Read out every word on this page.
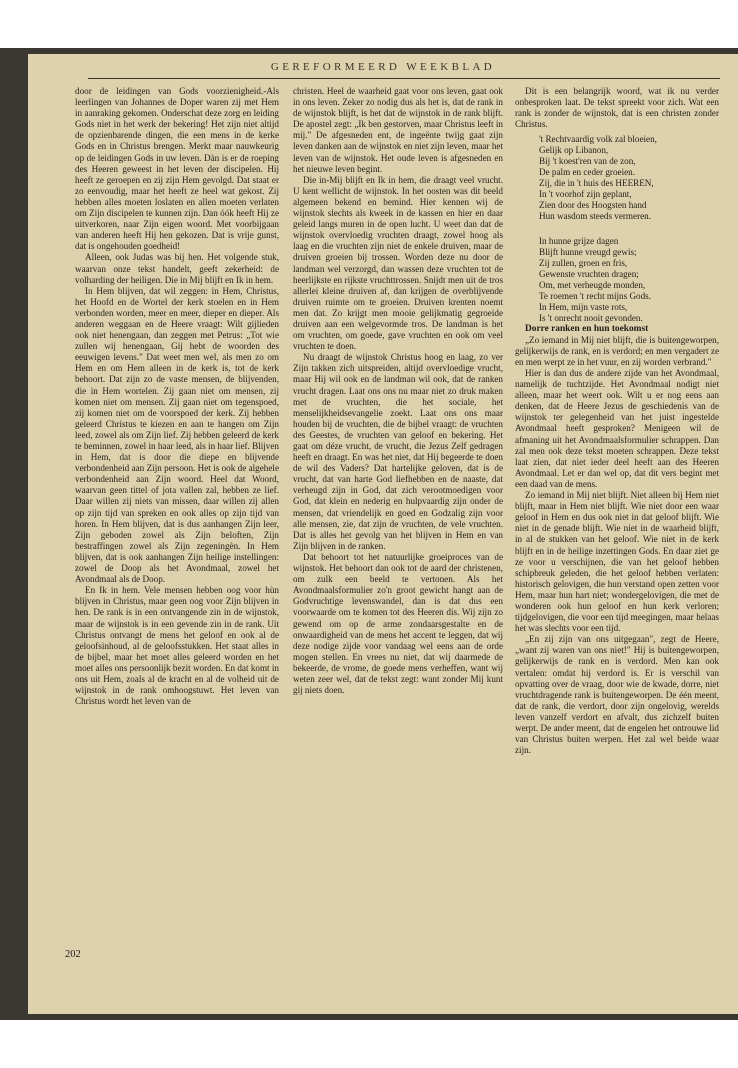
GEREFORMEERD WEEKBLAD

door de leidingen van Gods voorzienigheid.-Als leerlingen van Johannes de Doper waren zij met Hem in aanraking gekomen. Onderschat deze zorg en leiding Gods niet in het werk der bekering! Het zijn niet altijd de opzienbarende dingen, die een mens in de kerke Gods en in Christus brengen. Merkt maar nauwkeurig op de leidingen Gods in uw leven. Dàn is er de roeping des Heeren geweest in het leven der discipelen. Hij heeft ze geroepen en zij zijn Hem gevolgd. Dat staat er zo eenvoudig, maar het heeft ze heel wat gekost. Zij hebben alles moeten loslaten en allen moeten verlaten om Zijn discipelen te kunnen zijn. Dan óók heeft Hij ze uitverkoren, naar Zijn eigen woord. Met voorbijgaan van anderen heeft Hij hen gekozen. Dat is vrije gunst, dat is ongehouden goedheid!

Alleen, ook Judas was bij hen. Het volgende stuk, waarvan onze tekst handelt, geeft zekerheid: de volharding der heiligen. Die in Mij blijft en Ik in hem.

In Hem blijven, dat wil zeggen: in Hem, Christus, het Hoofd en de Wortel der kerk stoelen en in Hem verbonden worden, meer en meer, dieper en dieper. Als anderen weggaan en de Heere vraagt: Wilt gijlieden ook niet henengaan, dan zeggen met Petrus: „Tot wie zullen wij henengaan, Gij hebt de woorden des eeuwigen levens." Dat weet men wel, als men zo om Hem en om Hem alleen in de kerk is, tot de kerk behoort. Dat zijn zo de vaste mensen, de blijvenden, die in Hem wortelen. Zij gaan niet om mensen, zij komen niet om mensen. Zij gaan niet om tegenspoed, zij komen niet om de voorspoed der kerk. Zij hebben geleerd Christus te kiezen en aan te hangen om Zijn leed, zowel als om Zijn lief. Zij hebben geleerd de kerk te beminnen, zowel in haar leed, als in haar lief. Blijven in Hem, dat is door die diepe en blijvende verbondenheid aan Zijn persoon. Het is ook de algehele verbondenheid aan Zijn woord. Heel dat Woord, waarvan geen tittel of jota vallen zal, hebben ze lief. Daar willen zij niets van missen, daar willen zij allen op zijn tijd van spreken en ook alles op zijn tijd van horen. In Hem blijven, dat is dus aanhangen Zijn leer, Zijn geboden zowel als Zijn beloften, Zijn bestraffingen zowel als Zijn zegeningèn. In Hem blijven, dat is ook aanhangen Zijn heilige instellingen: zowel de Doop als het Avondmaal, zowel het Avondmaal als de Doop.

En Ik in hem. Vele mensen hebben oog voor hùn blijven in Christus, maar geen oog voor Zijn blijven in hen. De rank is in een ontvangende zin in de wijnstok, maar de wijnstok is in een gevende zin in de rank. Uit Christus ontvangt de mens het geloof en ook al de geloofsinhoud, al de geloofsstukken. Het staat alles in de bijbel, maar het moet alles geleerd worden en het moet alles ons persoonlijk bezit worden. En dat komt in ons uit Hem, zoals al de kracht en al de volheid uit de wijnstok in de rank omhoogstuwt. Het leven van Christus wordt het leven van de

christen. Heel de waarheid gaat voor ons leven, gaat ook in ons leven. Zeker zo nodig dus als het is, dat de rank in de wijnstok blijft, is het dat de wijnstok in de rank blijft. De apostel zegt: „Ik ben gestorven, maar Christus leeft in mij." De afgesneden ent, de ingeënte twijg gaat zijn leven danken aan de wijnstok en niet zijn leven, maar het leven van de wijnstok. Het oude leven is afgesneden en het nieuwe leven begint.

Die in-Mij blijft en Ik in hem, die draagt veel vrucht. U kent wellicht de wijnstok. In het oosten was dit beeld algemeen bekend en bemind. Hier kennen wij de wijnstok slechts als kweek in de kassen en hier en daar geleid langs muren in de open lucht. U weet dan dat de wijnstok overvloedig vruchten draagt, zowel hoog als laag en die vruchten zijn niet de enkele druiven, maar de druiven groeien bij trossen. Worden deze nu door de landman wel verzorgd, dan wassen deze vruchten tot de heerlijkste en rijkste vruchttrossen. Snijdt men uit de tros allerlei kleine druiven af, dan krijgen de overblijvende druiven ruimte om te groeien. Druiven krenten noemt men dat. Zo krijgt men mooie gelijkmatig gegroeide druiven aan een welgevormde tros. De landman is het om vruchten, om goede, gave vruchten en ook om veel vruchten te doen.

Nu draagt de wijnstok Christus hoog en laag, zo ver Zijn takken zich uitspreiden, altijd overvloedige vrucht, maar Hij wil ook en de landman wil ook, dat de ranken vrucht dragen. Laat ons ons nu maar niet zo druk maken met de vruchten, die het sociale, het menselijkheidsevangelie zoekt. Laat ons ons maar houden bij de vruchten, die de bijbel vraagt: de vruchten des Geestes, de vruchten van geloof en bekering. Het gaat om déze vrucht, de vrucht, die Jezus Zelf gedragen heeft en draagt. En was het niet, dat Hij begeerde te doen de wil des Vaders? Dat hartelijke geloven, dat is de vrucht, dat van harte God liefhebben en de naaste, dat verheugd zijn in God, dat zich verootmoedigen voor God, dat klein en nederig en hulpvaardig zijn onder de mensen, dat vriendelijk en goed en Godzalig zijn voor alle mensen, zie, dat zijn de vruchten, de vele vruchten. Dat is alles het gevolg van het blijven in Hem en van Zijn blijven in de ranken.

Dat behoort tot het natuurlijke groeiproces van de wijnstok. Het behoort dan ook tot de aard der christenen, om zulk een beeld te vertonen. Als het Avondmaalsformulier zo'n groot gewicht hangt aan de Godvruchtige levenswandel, dan is dat dus een voorwaarde om te komen tot des Heeren dis. Wij zijn zo gewend om op de arme zondaarsgestalte en de onwaardigheid van de mens het accent te leggen, dat wij deze nodige zijde voor vandaag wel eens aan de orde mogen stellen. En vrees nu niet, dat wij daarmede de bekeerde, de vrome, de goede mens verheffen, want wij weten zeer wel, dat de tekst zegt: want zonder Mij kunt gij niets doen.

Dit is een belangrijk woord, wat ik nu verder onbesproken laat. De tekst spreekt voor zich. Wat een rank is zonder de wijnstok, dat is een christen zonder Christus.

't Rechtvaardig volk zal bloeien,
Gelijk op Libanon,
Bij 't koest'ren van de zon,
De palm en ceder groeien.
Zij, die in 't huis des HEEREN,
In 't voorhof zijn geplant,
Zien door des Hoogsten hand
Hun wasdom steeds vermeren.
In hunne grijze dagen
Blijft hunne vreugd gewis;
Zij zullen, groen en fris,
Gewenste vruchten dragen;
Om, met verheugde monden,
Te roemen 't recht mijns Gods.
In Hem, mijn vaste rots,
Is 't onrecht nooit gevonden.

Dorre ranken en hun toekomst

„Zo iemand in Mij niet blijft, die is buitengeworpen, gelijkerwijs de rank, en is verdord; en men vergadert ze en men werpt ze in het vuur, en zij worden verbrand."

Hier is dan dus de andere zijde van het Avondmaal, namelijk de tuchtzijde. Het Avondmaal nodigt niet alleen, maar het weert ook. Wilt u er nog eens aan denken, dat de Heere Jezus de geschiedenis van de wijnstok ter gelegenheid van het juist ingestelde Avondmaal heeft gesproken? Menigeen wil de afmaning uit het Avondmaalsformulier schrappen. Dan zal men ook deze tekst moeten schrappen. Deze tekst laat zien, dat niet ieder deel heeft aan des Heeren Avondmaal. Let er dan wel op, dat dit vers begint met een daad van de mens.

Zo iemand in Mij niet blijft. Niet alleen bij Hem niet blijft, maar in Hem niet blijft. Wie niet door een waar geloof in Hem en dus ook niet in dat geloof blijft. Wie niet in de genade blijft. Wie niet in de waarheid blijft, in al de stukken van het geloof. Wie niet in de kerk blijft en in de heilige inzettingen Gods. En daar ziet ge ze voor u verschijnen, die van het geloof hebben schipbreuk geleden, die het geloof hebben verlaten: historisch gelovigen, die hun verstand open zetten voor Hem, maar hun hart niet; wondergelovigen, die met de wonderen ook hun geloof en hun kerk verloren; tijdgelovigen, die voor een tijd meegingen, maar helaas het was slechts voor een tijd.

„En zij zijn van ons uitgegaan", zegt de Heere, „want zij waren van ons niet!" Hij is buitengeworpen, gelijkerwijs de rank en is verdord. Men kan ook vertalen: omdat hij verdord is. Er is verschil van opvatting over de vraag, door wie de kwade, dorre, niet vruchtdragende rank is buitengeworpen. De één meent, dat de rank, die verdort, door zijn ongelovig, werelds leven vanzelf verdort en afvalt, dus zichzelf buiten werpt. De ander meent, dat de engelen het ontrouwe lid van Christus buiten werpen. Het zal wel beide waar zijn.

202
